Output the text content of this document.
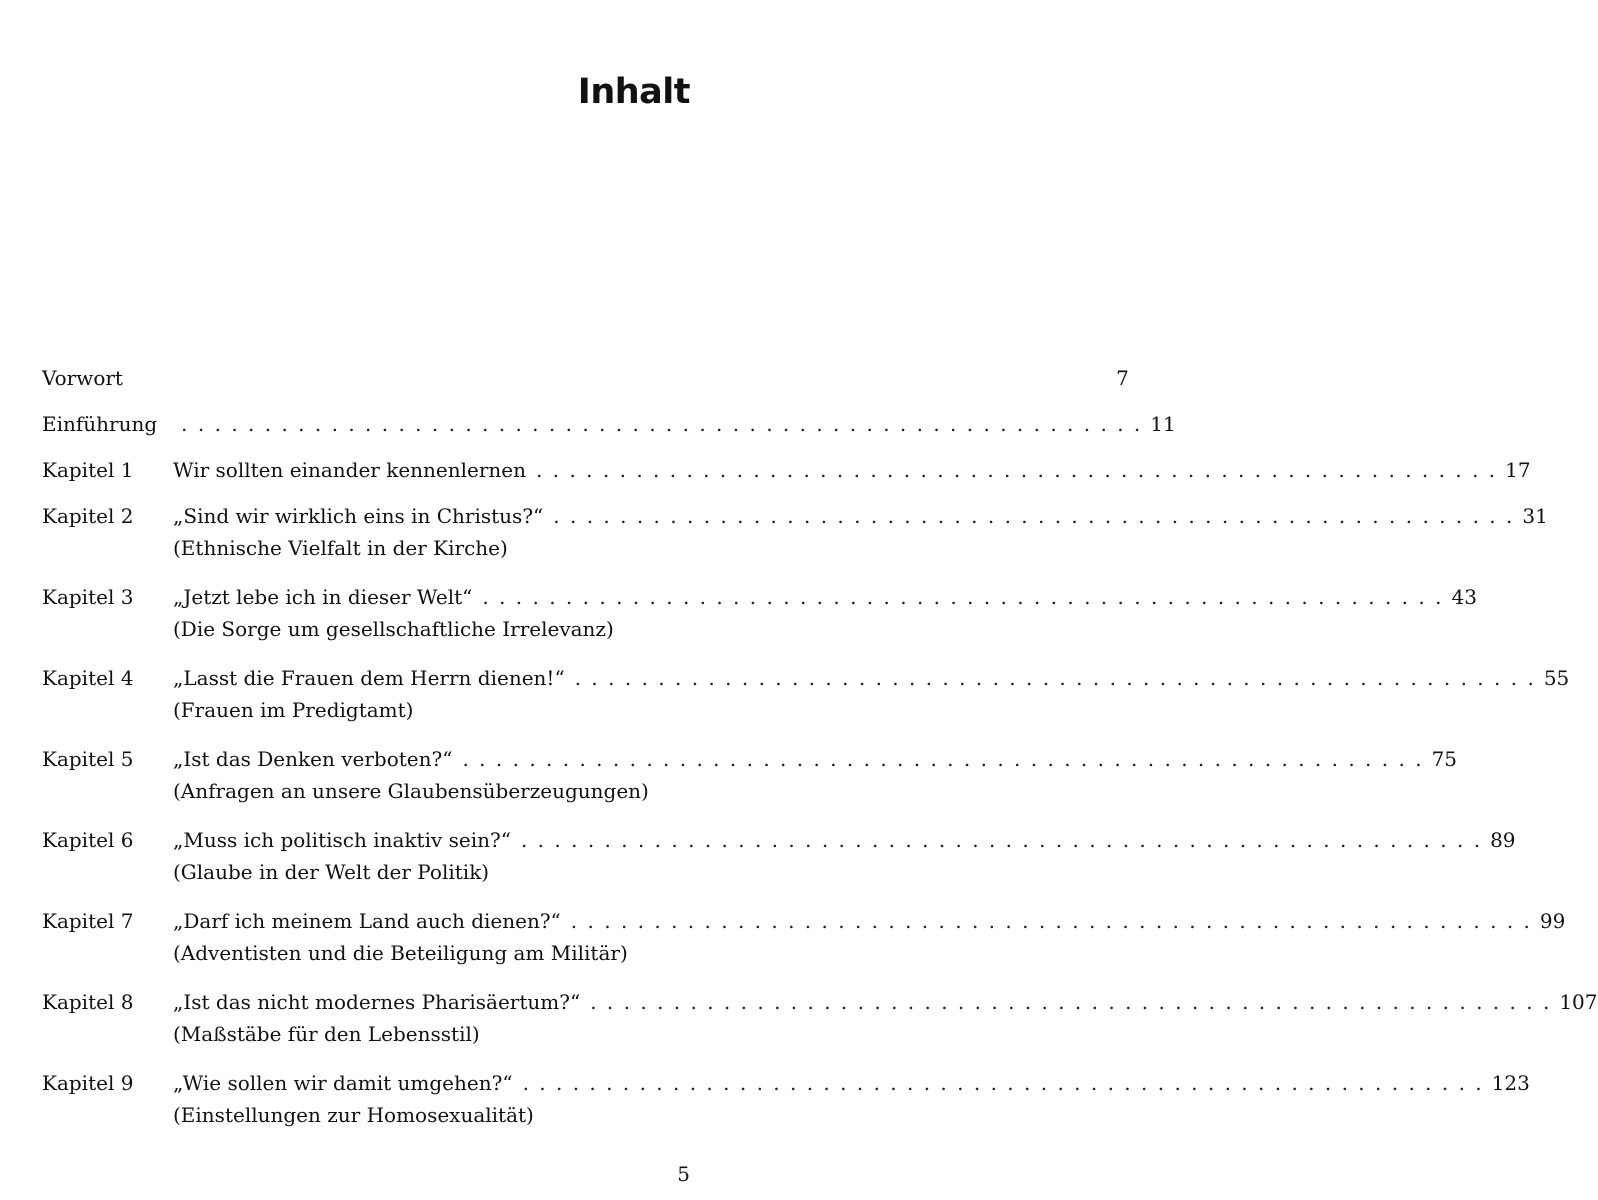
Inhalt
Vorwort	7
Einführung . . . . . . . . . . . . . . . . . . . . . . . . . . . . . . . . . . . . . . . . . . . . . . . . . . . . . . . . . . 11
Kapitel 1	Wir sollten einander kennenlernen . . . . . . . . . . . . . . . . . . . . . . . . . . . . . . . . . . . . . . . . . . . . . . . . . . . . . . . . . . 17
Kapitel 2	„Sind wir wirklich eins in Christus?“ . . . . . . . . . . . . . . . . . . . . . . . . . . . . . . . . . . . . . . . . . . . . . . . . . . . . . . . . . . 31
(Ethnische Vielfalt in der Kirche)
Kapitel 3	„Jetzt lebe ich in dieser Welt“ . . . . . . . . . . . . . . . . . . . . . . . . . . . . . . . . . . . . . . . . . . . . . . . . . . . . . . . . . . 43
(Die Sorge um gesellschaftliche Irrelevanz)
Kapitel 4	„Lasst die Frauen dem Herrn dienen!“ . . . . . . . . . . . . . . . . . . . . . . . . . . . . . . . . . . . . . . . . . . . . . . . . . . . . . . . . . . 55
(Frauen im Predigtamt)
Kapitel 5	„Ist das Denken verboten?“ . . . . . . . . . . . . . . . . . . . . . . . . . . . . . . . . . . . . . . . . . . . . . . . . . . . . . . . . . . 75
(Anfragen an unsere Glaubensüberzeugungen)
Kapitel 6	„Muss ich politisch inaktiv sein?“ . . . . . . . . . . . . . . . . . . . . . . . . . . . . . . . . . . . . . . . . . . . . . . . . . . . . . . . . . . 89
(Glaube in der Welt der Politik)
Kapitel 7	„Darf ich meinem Land auch dienen?“ . . . . . . . . . . . . . . . . . . . . . . . . . . . . . . . . . . . . . . . . . . . . . . . . . . . . . . . . . . 99
(Adventisten und die Beteiligung am Militär)
Kapitel 8	„Ist das nicht modernes Pharisäertum?“ . . . . . . . . . . . . . . . . . . . . . . . . . . . . . . . . . . . . . . . . . . . . . . . . . . . . . . . . . . 107
(Maßstäbe für den Lebensstil)
Kapitel 9	„Wie sollen wir damit umgehen?“ . . . . . . . . . . . . . . . . . . . . . . . . . . . . . . . . . . . . . . . . . . . . . . . . . . . . . . . . . . 123
(Einstellungen zur Homosexualität)
5
